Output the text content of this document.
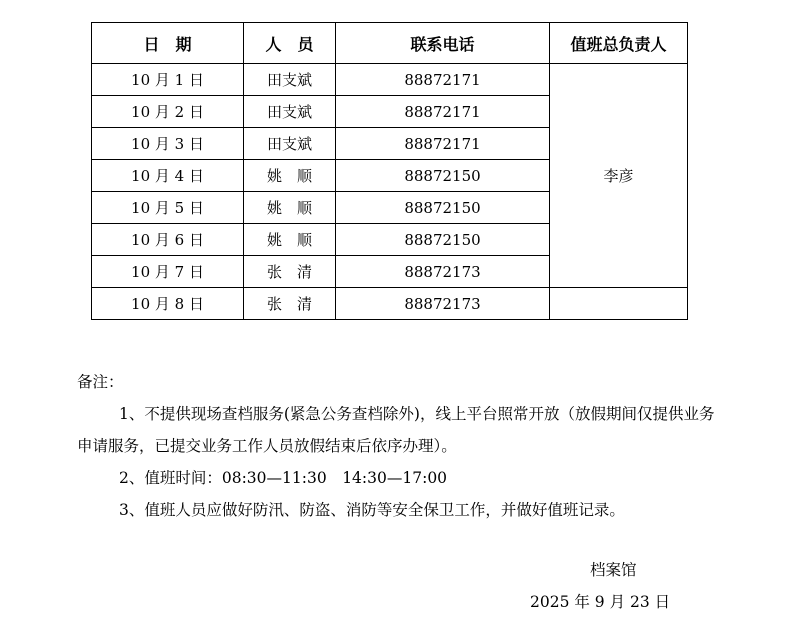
日　期	人　员	联系电话	值班总负责人
10 月 1 日	田支斌	88872171	李彦
10 月 2 日	田支斌	88872171	
10 月 3 日	田支斌	88872171	
10 月 4 日	姚　顺	88872150	
10 月 5 日	姚　顺	88872150	
10 月 6 日	姚　顺	88872150	
10 月 7 日	张　清	88872173	
10 月 8 日	张　清	88872173	

备注：

1、不提供现场查档服务(紧急公务查档除外)，线上平台照常开放（放假期间仅提供业务申请服务，已提交业务工作人员放假结束后依序办理）。

2、值班时间：08:30—11:30　14:30—17:00

3、值班人员应做好防汛、防盗、消防等安全保卫工作，并做好值班记录。

档案馆
2025 年 9 月 23 日
